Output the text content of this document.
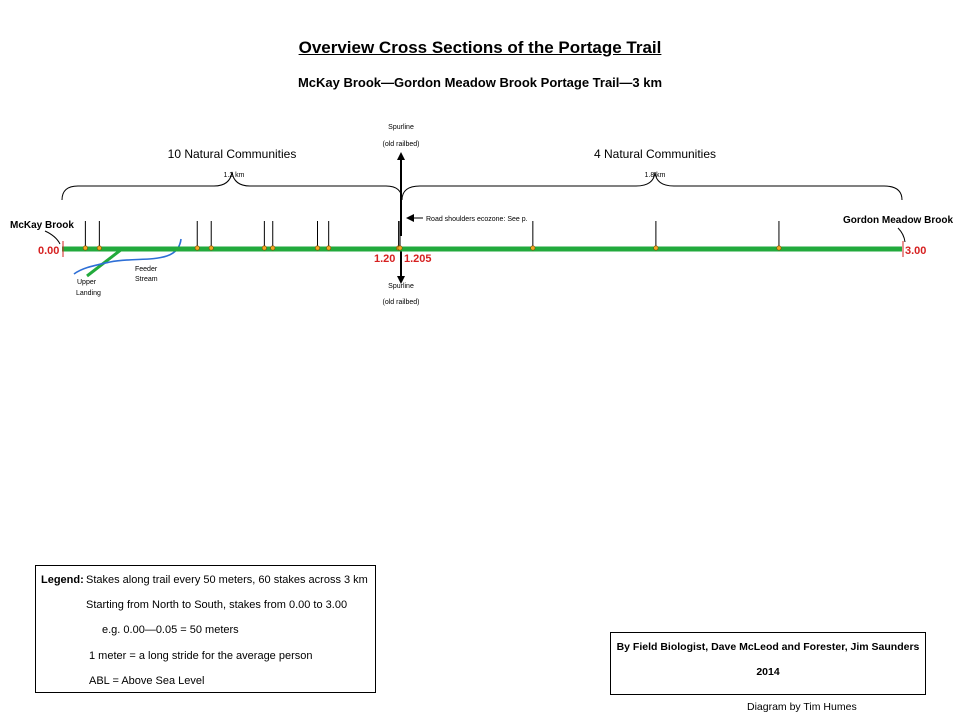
Overview Cross Sections of the Portage Trail
McKay Brook—Gordon Meadow Brook Portage Trail—3 km
10 Natural Communities
1.2 km
4 Natural Communities
1.8 km
Spurline
(old railbed)
Spurline
(old railbed)
Road shoulders ecozone: See p.
McKay Brook	Gordon Meadow Brook
Upper
Landing
Feeder
Stream
0.00	3.00
1.20 1.205
Legend: Stakes along trail every 50 meters, 60 stakes across 3 km
Starting from North to South, stakes from 0.00 to 3.00
e.g. 0.00—0.05 = 50 meters
1 meter = a long stride for the average person
ABL = Above Sea Level
By Field Biologist, Dave McLeod and Forester, Jim Saunders
2014
Diagram by Tim Humes
